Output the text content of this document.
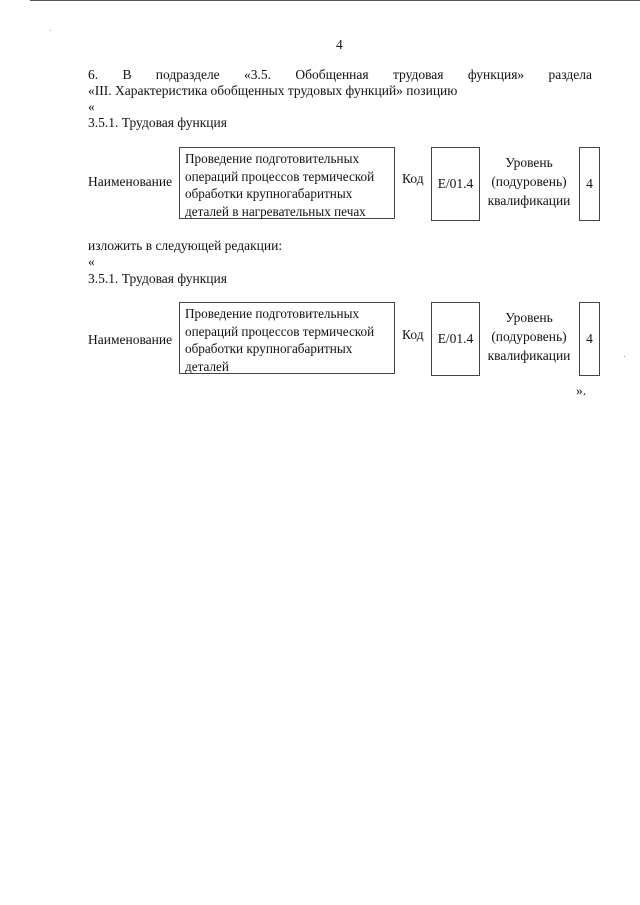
4
6. В подразделе «3.5. Обобщенная трудовая функция» раздела
«III. Характеристика обобщенных трудовых функций» позицию
«
3.5.1. Трудовая функция
Наименование
Проведение подготовительных
операций процессов термической
обработки крупногабаритных
деталей в нагревательных печах
Код Е/01.4
Уровень
(подуровень)
квалификации
4
изложить в следующей редакции:
«
3.5.1. Трудовая функция
Наименование
Проведение подготовительных
операций процессов термической
обработки крупногабаритных
деталей
Код Е/01.4
Уровень
(подуровень)
квалификации
4
».
